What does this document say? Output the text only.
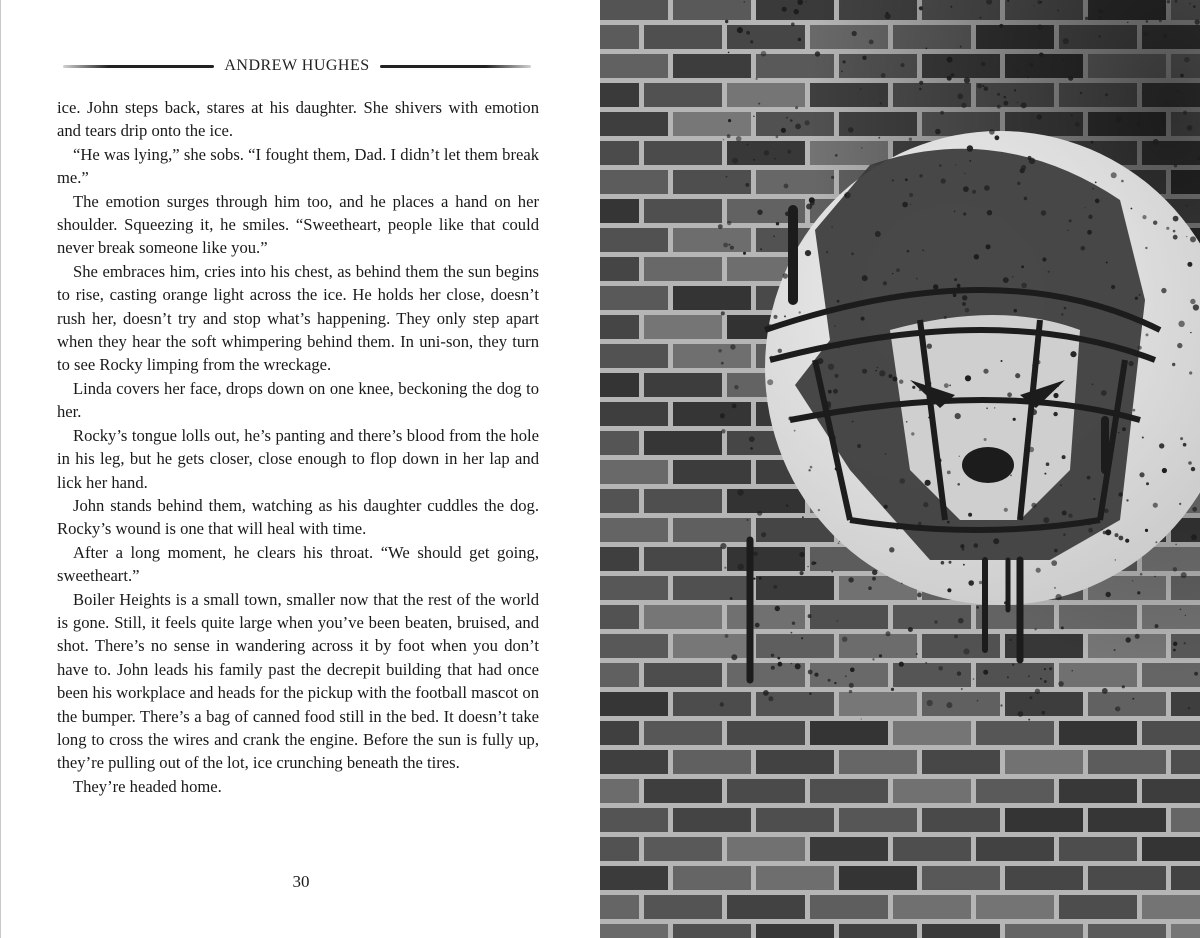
ANDREW HUGHES

ice. John steps back, stares at his daughter. She shivers with emotion and tears drip onto the ice.

“He was lying,” she sobs. “I fought them, Dad. I didn’t let them break me.”

The emotion surges through him too, and he places a hand on her shoulder. Squeezing it, he smiles. “Sweetheart, people like that could never break someone like you.”

She embraces him, cries into his chest, as behind them the sun begins to rise, casting orange light across the ice. He holds her close, doesn’t rush her, doesn’t try and stop what’s happening. They only step apart when they hear the soft whimpering behind them. In uni-son, they turn to see Rocky limping from the wreckage.

Linda covers her face, drops down on one knee, beckoning the dog to her.

Rocky’s tongue lolls out, he’s panting and there’s blood from the hole in his leg, but he gets closer, close enough to flop down in her lap and lick her hand.

John stands behind them, watching as his daughter cuddles the dog. Rocky’s wound is one that will heal with time.

After a long moment, he clears his throat. “We should get going, sweetheart.”

Boiler Heights is a small town, smaller now that the rest of the world is gone. Still, it feels quite large when you’ve been beaten, bruised, and shot. There’s no sense in wandering across it by foot when you don’t have to. John leads his family past the decrepit building that had once been his workplace and heads for the pickup with the football mascot on the bumper. There’s a bag of canned food still in the bed. It doesn’t take long to cross the wires and crank the engine. Before the sun is fully up, they’re pulling out of the lot, ice crunching beneath the tires.

They’re headed home.

30
